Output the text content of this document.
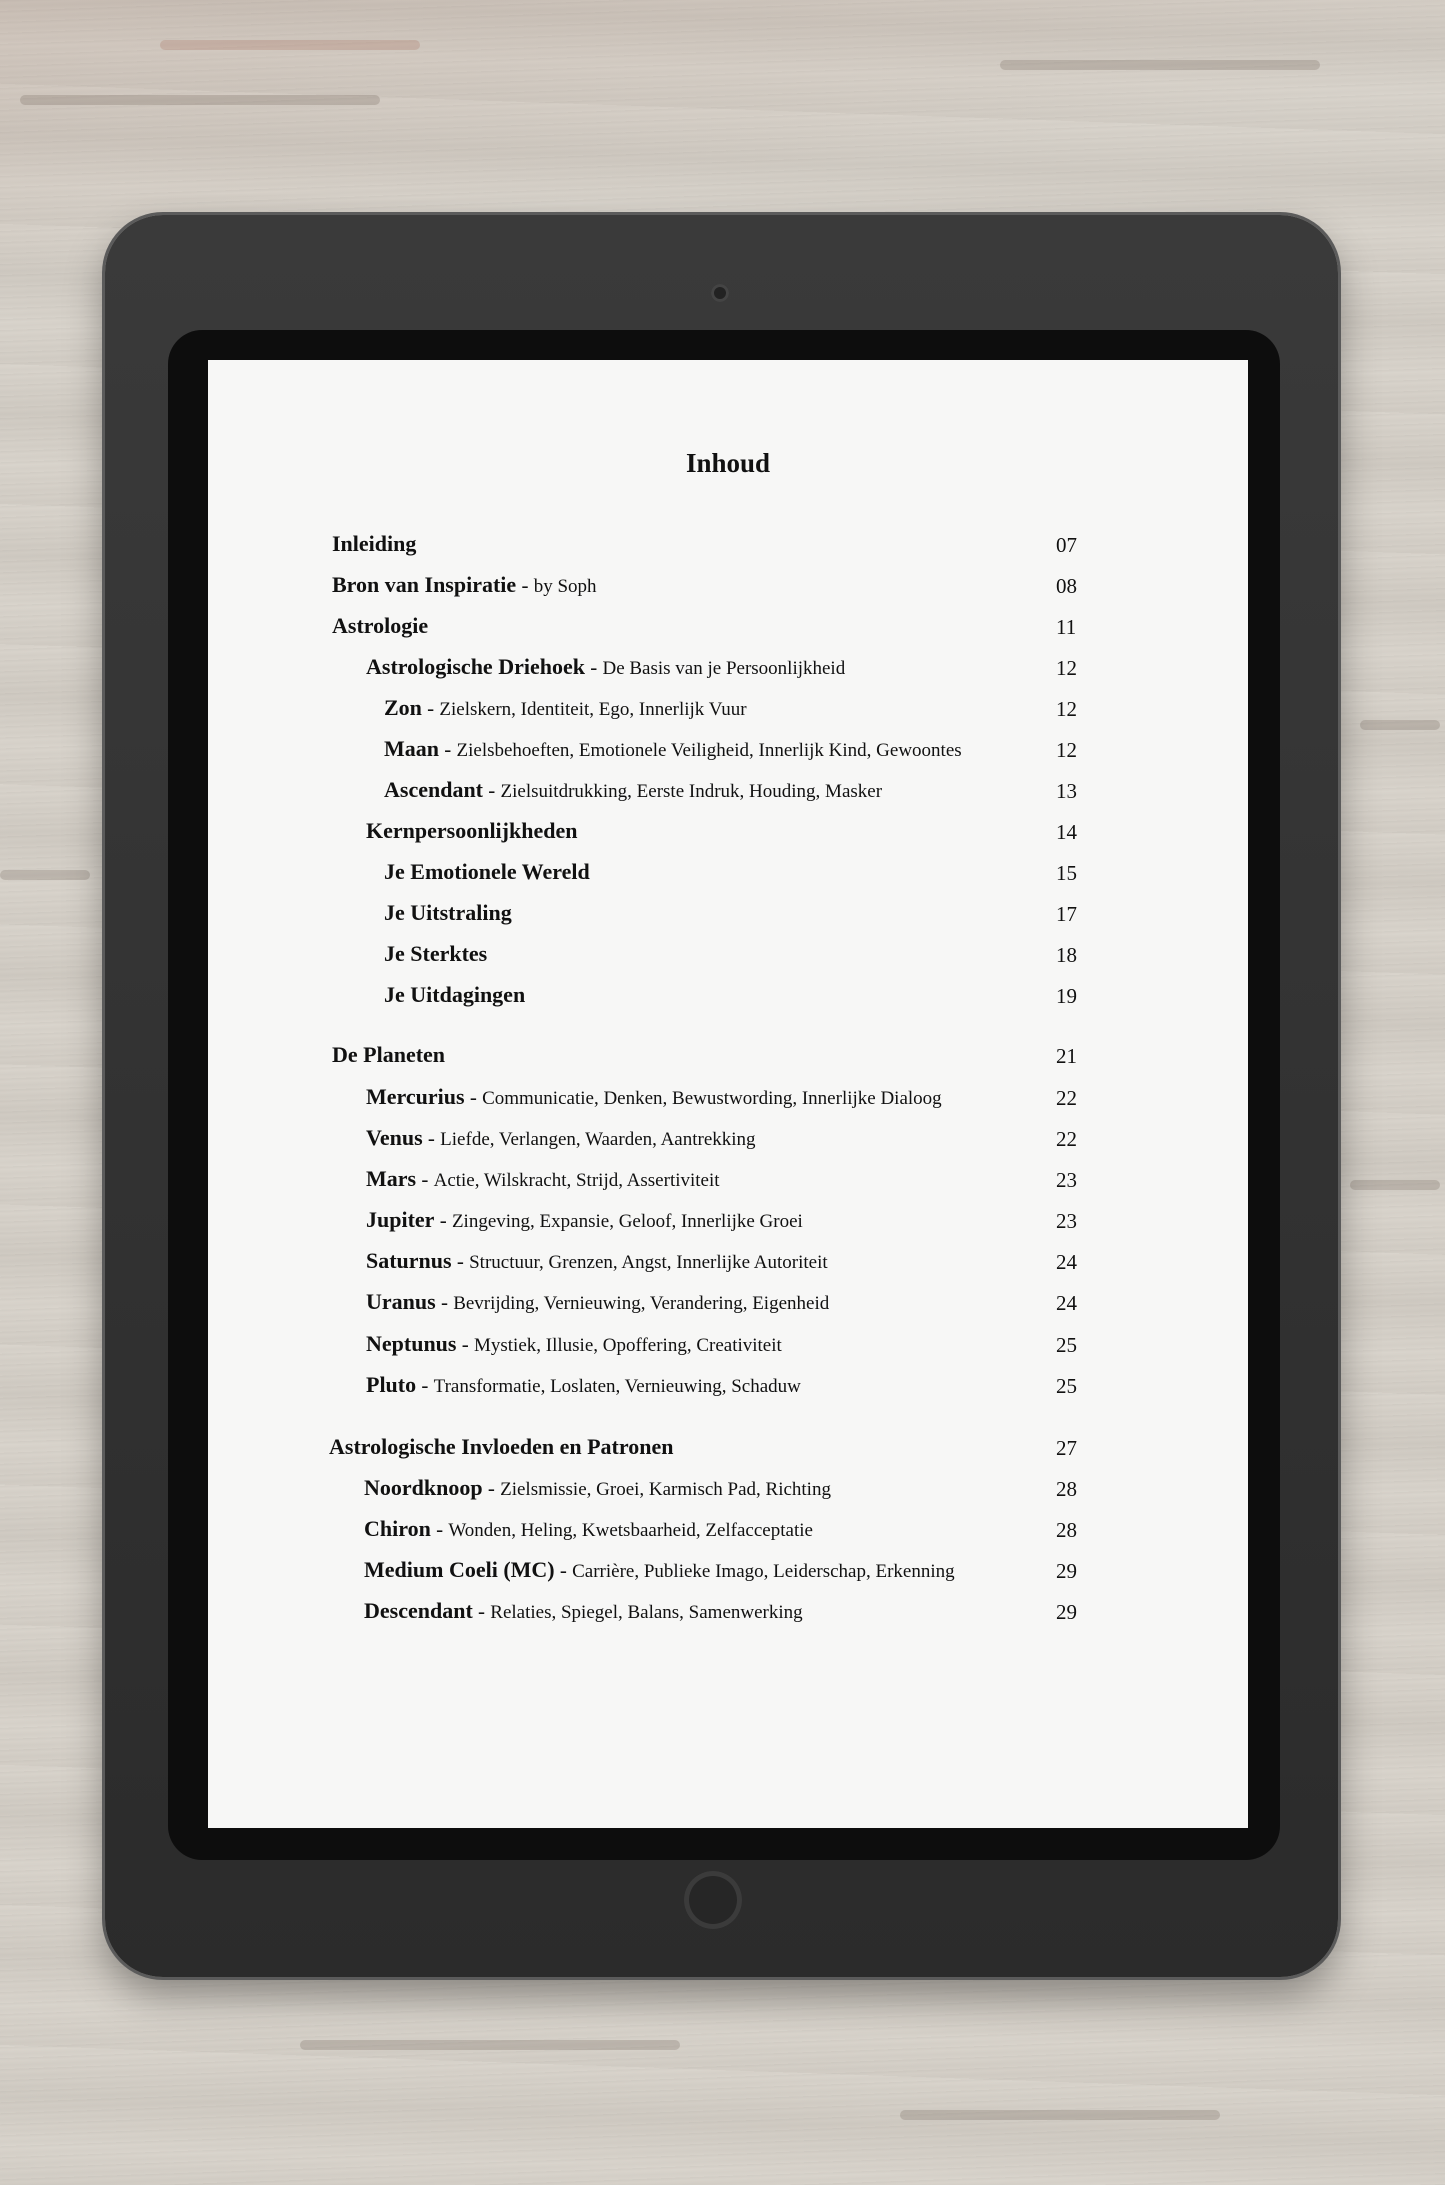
Inhoud
Inleiding	07
Bron van Inspiratie - by Soph	08
Astrologie	11
Astrologische Driehoek - De Basis van je Persoonlijkheid	12
Zon - Zielskern, Identiteit, Ego, Innerlijk Vuur	12
Maan - Zielsbehoeften, Emotionele Veiligheid, Innerlijk Kind, Gewoontes	12
Ascendant - Zielsuitdrukking, Eerste Indruk, Houding, Masker	13
Kernpersoonlijkheden	14
Je Emotionele Wereld	15
Je Uitstraling	17
Je Sterktes	18
Je Uitdagingen	19
De Planeten	21
Mercurius - Communicatie, Denken, Bewustwording, Innerlijke Dialoog	22
Venus - Liefde, Verlangen, Waarden, Aantrekking	22
Mars - Actie, Wilskracht, Strijd, Assertiviteit	23
Jupiter - Zingeving, Expansie, Geloof, Innerlijke Groei	23
Saturnus - Structuur, Grenzen, Angst, Innerlijke Autoriteit	24
Uranus - Bevrijding, Vernieuwing, Verandering, Eigenheid	24
Neptunus - Mystiek, Illusie, Opoffering, Creativiteit	25
Pluto - Transformatie, Loslaten, Vernieuwing, Schaduw	25
Astrologische Invloeden en Patronen	27
Noordknoop - Zielsmissie, Groei, Karmisch Pad, Richting	28
Chiron - Wonden, Heling, Kwetsbaarheid, Zelfacceptatie	28
Medium Coeli (MC) - Carrière, Publieke Imago, Leiderschap, Erkenning	29
Descendant - Relaties, Spiegel, Balans, Samenwerking	29
